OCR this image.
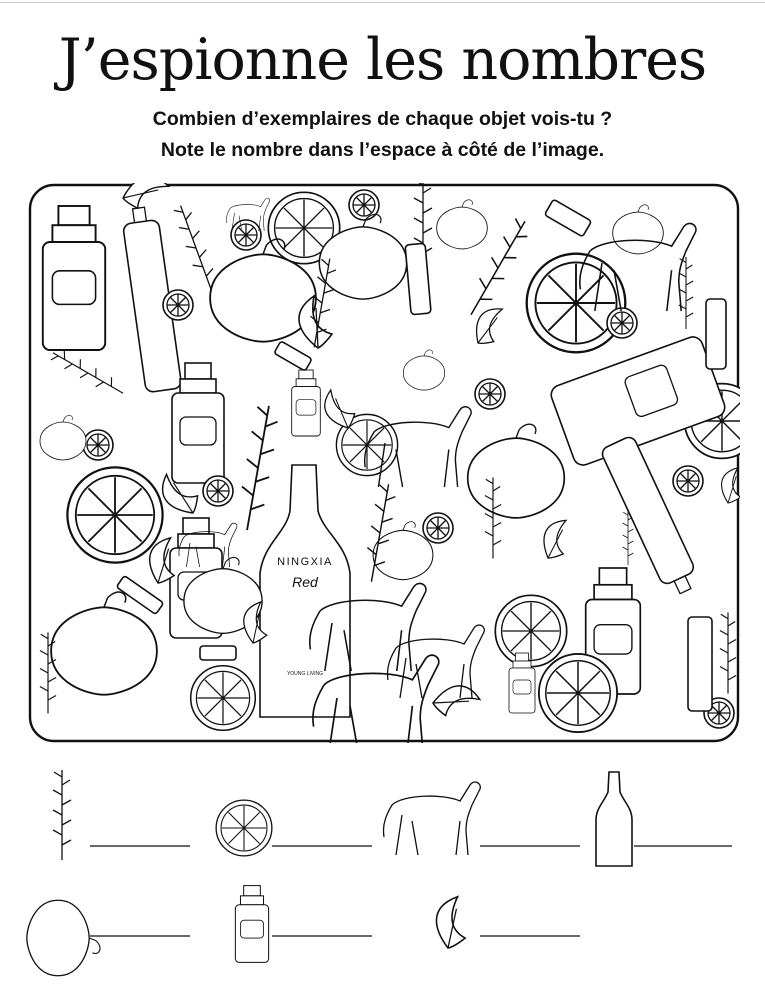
J’espionne les nombres
Combien d’exemplaires de chaque objet vois-tu ?
Note le nombre dans l’espace à côté de l’image.
NINGXIA
Red
YOUNG LIVING
